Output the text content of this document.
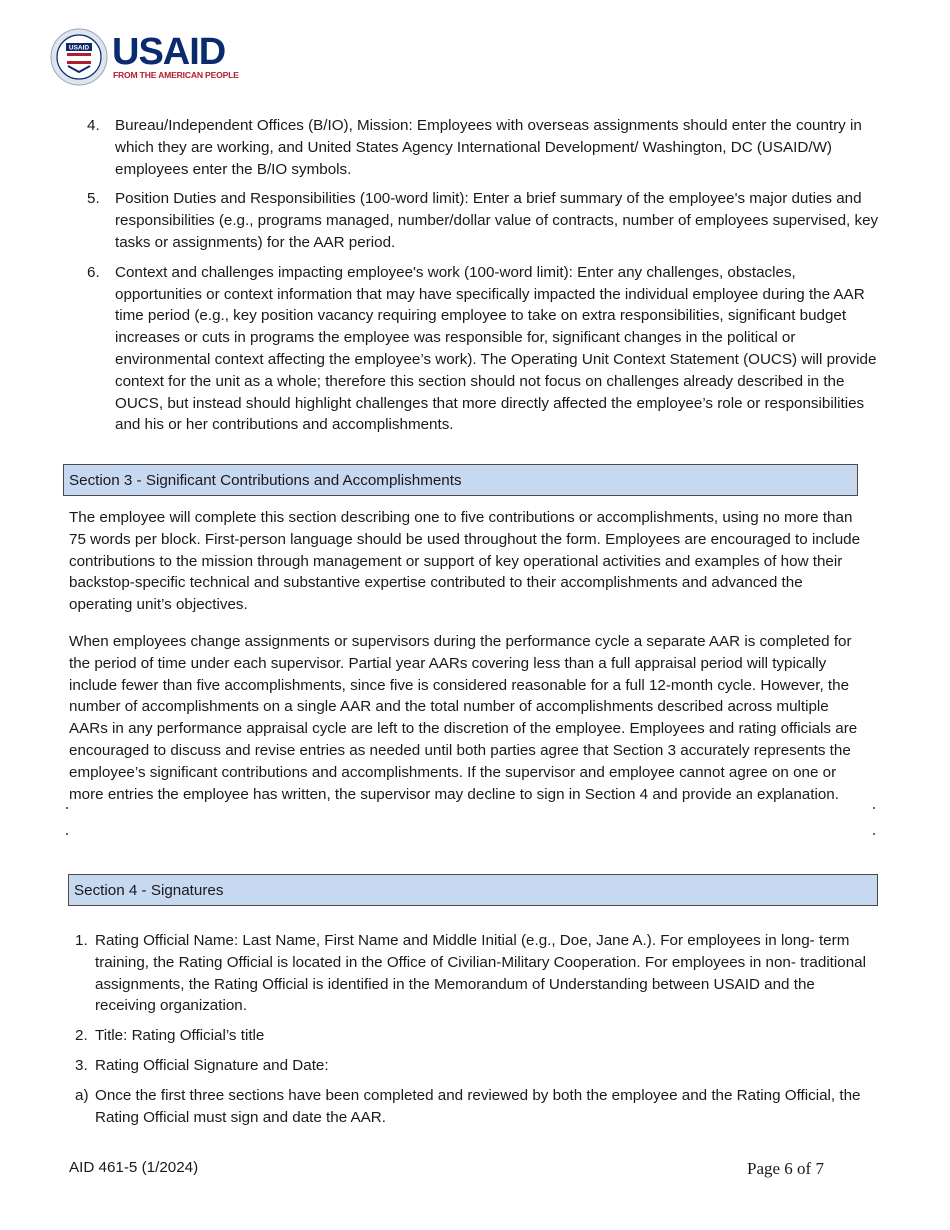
USAID USAID
FROM THE AMERICAN PEOPLE
4. Bureau/Independent Offices (B/IO), Mission: Employees with overseas assignments should enter the country in which they are working, and United States Agency International Development/ Washington, DC (USAID/W) employees enter the B/IO symbols.
5. Position Duties and Responsibilities (100-word limit): Enter a brief summary of the employee's major duties and responsibilities (e.g., programs managed, number/dollar value of contracts, number of employees supervised, key tasks or assignments) for the AAR period.
6. Context and challenges impacting employee's work (100-word limit): Enter any challenges, obstacles, opportunities or context information that may have specifically impacted the individual employee during the AAR time period (e.g., key position vacancy requiring employee to take on extra responsibilities, significant budget increases or cuts in programs the employee was responsible for, significant changes in the political or environmental context affecting the employee’s work). The Operating Unit Context Statement (OUCS) will provide context for the unit as a whole; therefore this section should not focus on challenges already described in the OUCS, but instead should highlight challenges that more directly affected the employee’s role or responsibilities and his or her contributions and accomplishments.
Section 3 - Significant Contributions and Accomplishments

The employee will complete this section describing one to five contributions or accomplishments, using no more than 75 words per block. First-person language should be used throughout the form. Employees are encouraged to include contributions to the mission through management or support of key operational activities and examples of how their backstop-specific technical and substantive expertise contributed to their accomplishments and advanced the operating unit’s objectives.

When employees change assignments or supervisors during the performance cycle a separate AAR is completed for the period of time under each supervisor. Partial year AARs covering less than a full appraisal period will typically include fewer than five accomplishments, since five is considered reasonable for a full 12-month cycle. However, the number of accomplishments on a single AAR and the total number of accomplishments described across multiple AARs in any performance appraisal cycle are left to the discretion of the employee. Employees and rating officials are encouraged to discuss and revise entries as needed until both parties agree that Section 3 accurately represents the employee’s significant contributions and accomplishments. If the supervisor and employee cannot agree on one or more entries the employee has written, the supervisor may decline to sign in Section 4 and provide an explanation.

Section 4 - Signatures
1. Rating Official Name: Last Name, First Name and Middle Initial (e.g., Doe, Jane A.). For employees in long- term training, the Rating Official is located in the Office of Civilian-Military Cooperation. For employees in non- traditional assignments, the Rating Official is identified in the Memorandum of Understanding between USAID and the receiving organization.
2. Title: Rating Official’s title
3. Rating Official Signature and Date:
a) Once the first three sections have been completed and reviewed by both the employee and the Rating Official, the Rating Official must sign and date the AAR.
AID 461-5 (1/2024)	Page 6 of 7
